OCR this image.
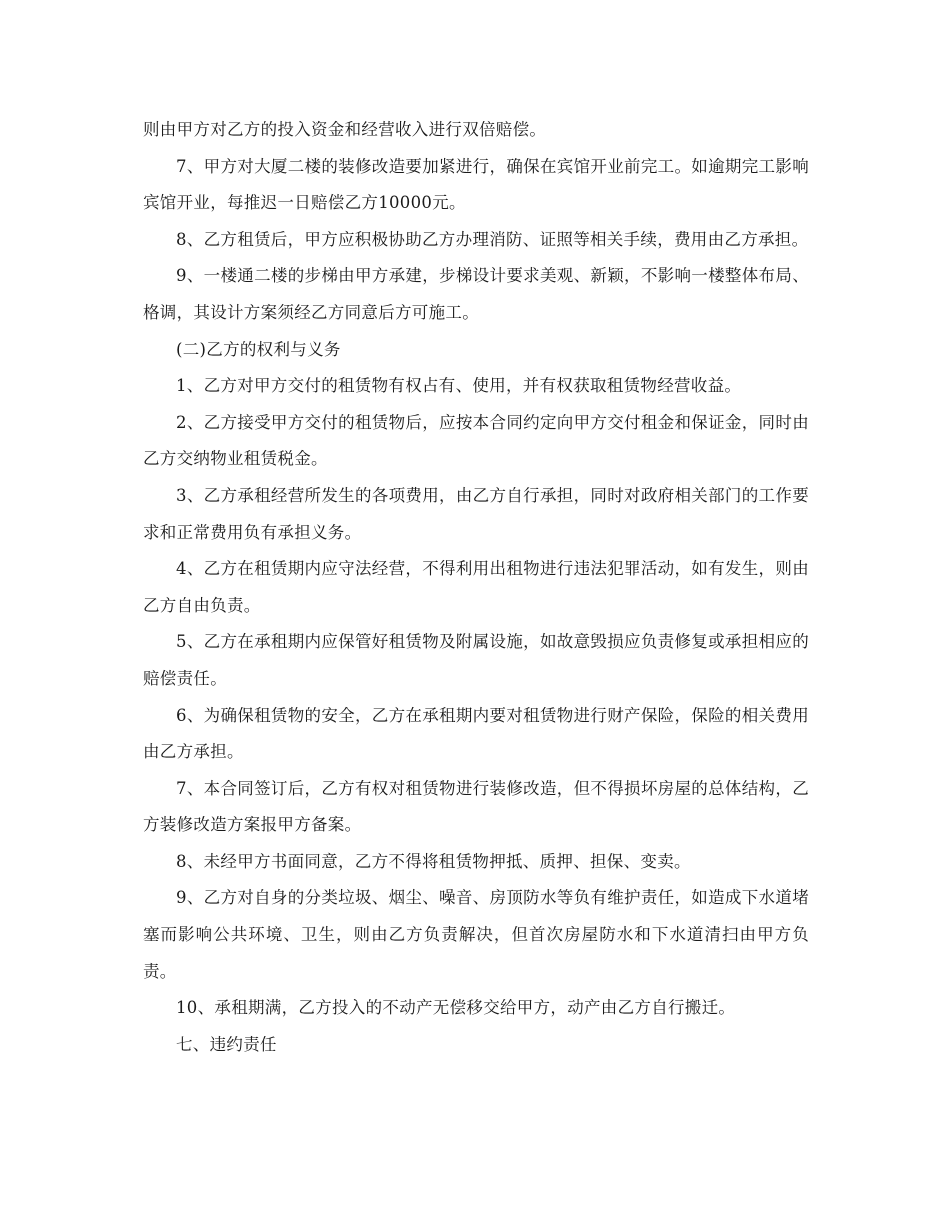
则由甲方对乙方的投入资金和经营收入进行双倍赔偿。

7、甲方对大厦二楼的装修改造要加紧进行，确保在宾馆开业前完工。如逾期完工影响宾馆开业，每推迟一日赔偿乙方10000元。

8、乙方租赁后，甲方应积极协助乙方办理消防、证照等相关手续，费用由乙方承担。

9、一楼通二楼的步梯由甲方承建，步梯设计要求美观、新颖，不影响一楼整体布局、格调，其设计方案须经乙方同意后方可施工。

(二)乙方的权利与义务

1、乙方对甲方交付的租赁物有权占有、使用，并有权获取租赁物经营收益。

2、乙方接受甲方交付的租赁物后，应按本合同约定向甲方交付租金和保证金，同时由乙方交纳物业租赁税金。

3、乙方承租经营所发生的各项费用，由乙方自行承担，同时对政府相关部门的工作要求和正常费用负有承担义务。

4、乙方在租赁期内应守法经营，不得利用出租物进行违法犯罪活动，如有发生，则由乙方自由负责。

5、乙方在承租期内应保管好租赁物及附属设施，如故意毁损应负责修复或承担相应的赔偿责任。

6、为确保租赁物的安全，乙方在承租期内要对租赁物进行财产保险，保险的相关费用由乙方承担。

7、本合同签订后，乙方有权对租赁物进行装修改造，但不得损坏房屋的总体结构，乙方装修改造方案报甲方备案。

8、未经甲方书面同意，乙方不得将租赁物押抵、质押、担保、变卖。

9、乙方对自身的分类垃圾、烟尘、噪音、房顶防水等负有维护责任，如造成下水道堵塞而影响公共环境、卫生，则由乙方负责解决，但首次房屋防水和下水道清扫由甲方负责。

10、承租期满，乙方投入的不动产无偿移交给甲方，动产由乙方自行搬迁。

七、违约责任
